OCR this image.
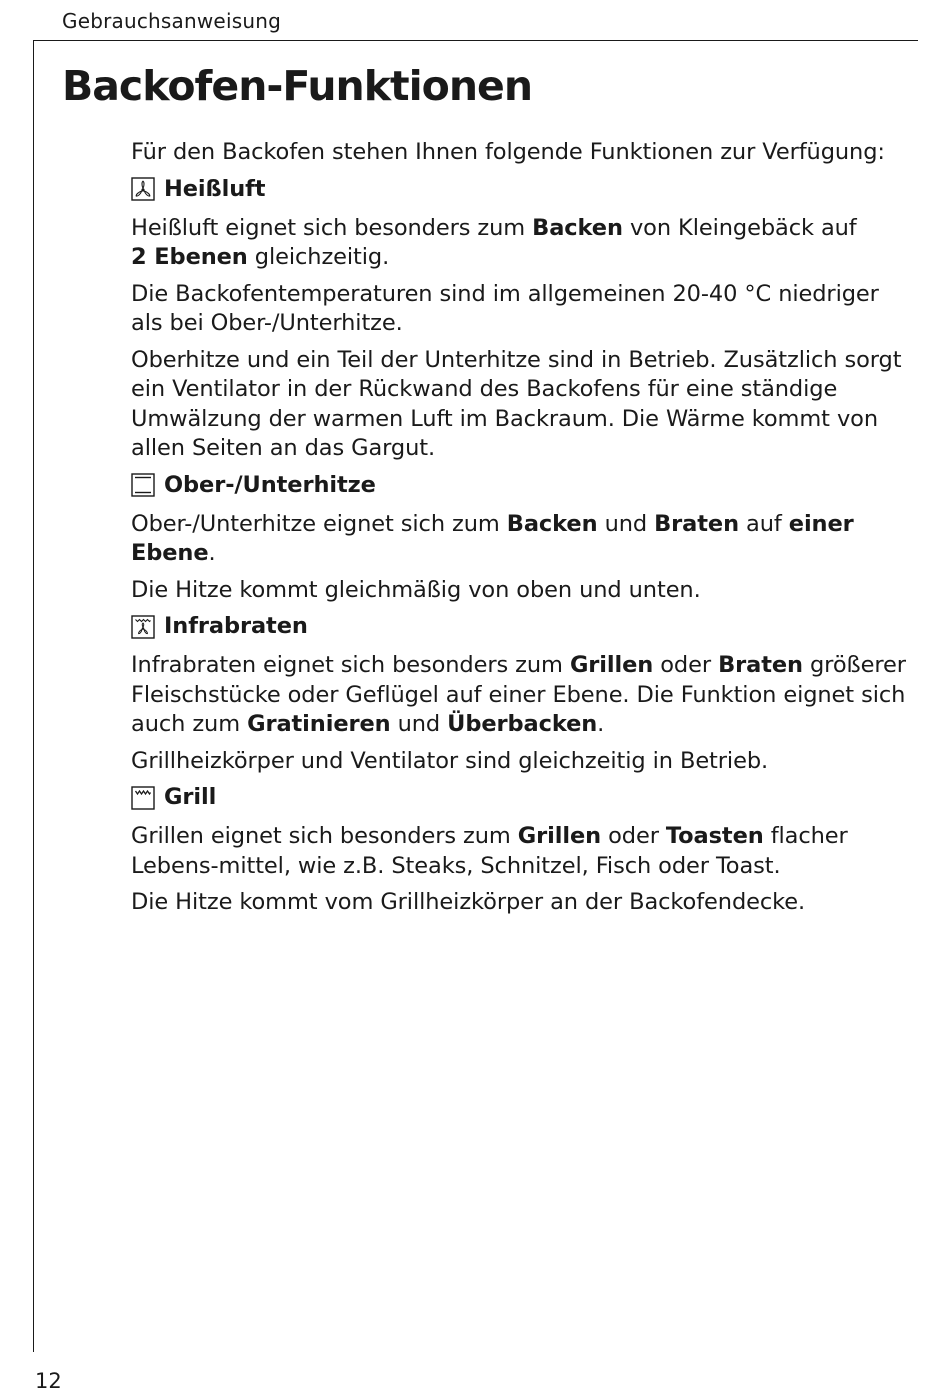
Gebrauchsanweisung
Backofen-Funktionen

Für den Backofen stehen Ihnen folgende Funktionen zur Verfügung:

Heißluft

Heißluft eignet sich besonders zum Backen von Kleingebäck auf
2 Ebenen gleichzeitig.

Die Backofentemperaturen sind im allgemeinen 20-40 °C niedriger als bei Ober-/Unterhitze.

Oberhitze und ein Teil der Unterhitze sind in Betrieb. Zusätzlich sorgt ein Ventilator in der Rückwand des Backofens für eine ständige Umwälzung der warmen Luft im Backraum. Die Wärme kommt von allen Seiten an das Gargut.

Ober-/Unterhitze

Ober-/Unterhitze eignet sich zum Backen und Braten auf einer Ebene.

Die Hitze kommt gleichmäßig von oben und unten.

Infrabraten

Infrabraten eignet sich besonders zum Grillen oder Braten größerer Fleischstücke oder Geflügel auf einer Ebene. Die Funktion eignet sich auch zum Gratinieren und Überbacken.

Grillheizkörper und Ventilator sind gleichzeitig in Betrieb.

Grill

Grillen eignet sich besonders zum Grillen oder Toasten flacher Lebens-mittel, wie z.B. Steaks, Schnitzel, Fisch oder Toast.

Die Hitze kommt vom Grillheizkörper an der Backofendecke.

12
